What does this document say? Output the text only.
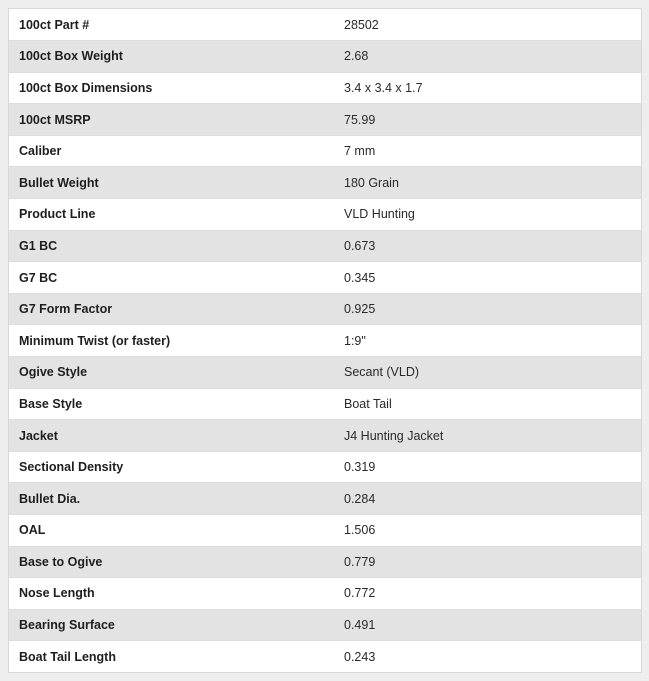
100ct Part #	28502
100ct Box Weight	2.68
100ct Box Dimensions	3.4 x 3.4 x 1.7
100ct MSRP	75.99
Caliber	7 mm
Bullet Weight	180 Grain
Product Line	VLD Hunting
G1 BC	0.673
G7 BC	0.345
G7 Form Factor	0.925
Minimum Twist (or faster)	1:9"
Ogive Style	Secant (VLD)
Base Style	Boat Tail
Jacket	J4 Hunting Jacket
Sectional Density	0.319
Bullet Dia.	0.284
OAL	1.506
Base to Ogive	0.779
Nose Length	0.772
Bearing Surface	0.491
Boat Tail Length	0.243
